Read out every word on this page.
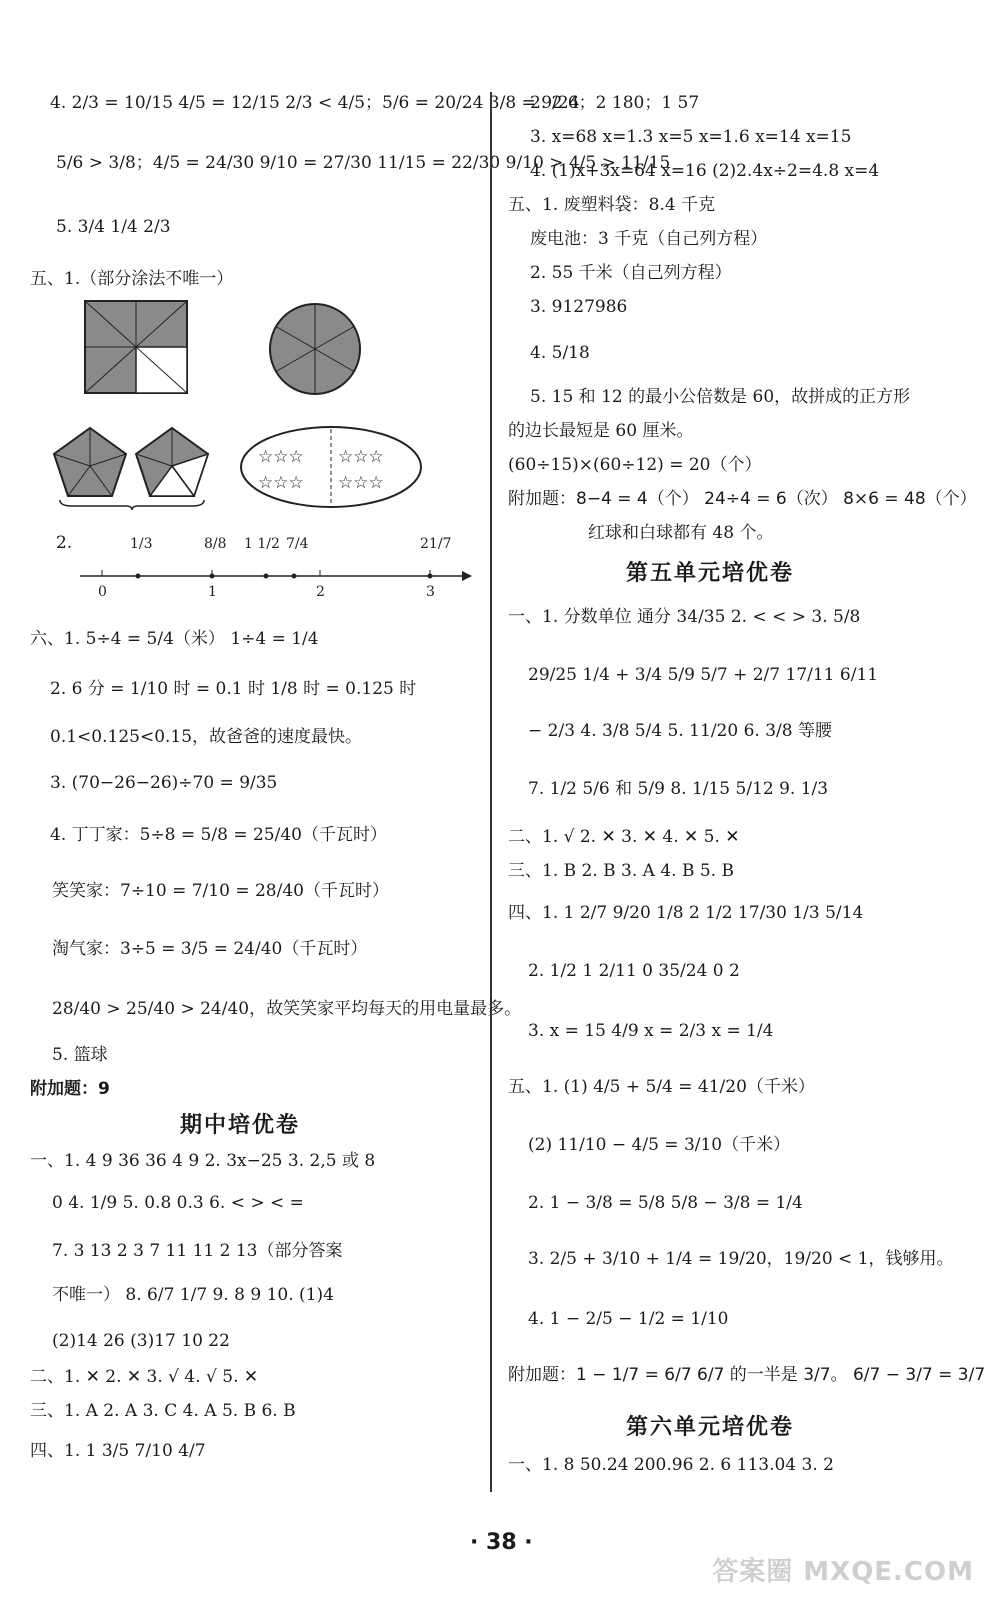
4. 2/3 = 10/15 4/5 = 12/15 2/3 < 4/5；5/6 = 20/24 3/8 = 9/24
5/6 > 3/8；4/5 = 24/30 9/10 = 27/30 11/15 = 22/30 9/10 > 4/5 > 11/15
5. 3/4 1/4 2/3
五、1.（部分涂法不唯一）
☆☆☆ ☆☆☆
☆☆☆ ☆☆☆
2.
0	1	2	3
1/3	8/8 1 1/2 7/4	21/7
六、1. 5÷4 = 5/4（米） 1÷4 = 1/4
2. 6 分 = 1/10 时 = 0.1 时 1/8 时 = 0.125 时
0.1<0.125<0.15，故爸爸的速度最快。
3. (70−26−26)÷70 = 9/35
4. 丁丁家：5÷8 = 5/8 = 25/40（千瓦时）
笑笑家：7÷10 = 7/10 = 28/40（千瓦时）
淘气家：3÷5 = 3/5 = 24/40（千瓦时）
28/40 > 25/40 > 24/40，故笑笑家平均每天的用电量最多。
5. 篮球
附加题：9
期中培优卷
一、1. 4 9 36 36 4 9 2. 3x−25 3. 2,5 或 8
0 4. 1/9 5. 0.8 0.3 6. < > < =
7. 3 13 2 3 7 11 11 2 13（部分答案
不唯一） 8. 6/7 1/7 9. 8 9 10. (1)4
(2)14 26 (3)17 10 22
二、1. ✕ 2. ✕ 3. √ 4. √ 5. ✕
三、1. A 2. A 3. C 4. A 5. B 6. B
四、1. 1 3/5 7/10 4/7
2. 2 6；2 180；1 57
3. x=68 x=1.3 x=5 x=1.6 x=14 x=15
4. (1)x+3x=64 x=16 (2)2.4x÷2=4.8 x=4
五、1. 废塑料袋：8.4 千克
废电池：3 千克（自己列方程）
2. 55 千米（自己列方程）
3. 9127986
4. 5/18
5. 15 和 12 的最小公倍数是 60，故拼成的正方形
的边长最短是 60 厘米。
(60÷15)×(60÷12) = 20（个）
附加题：8−4 = 4（个） 24÷4 = 6（次） 8×6 = 48（个）
红球和白球都有 48 个。
第五单元培优卷
一、1. 分数单位 通分 34/35 2. < < > 3. 5/8
29/25 1/4 + 3/4 5/9 5/7 + 2/7 17/11 6/11
− 2/3 4. 3/8 5/4 5. 11/20 6. 3/8 等腰
7. 1/2 5/6 和 5/9 8. 1/15 5/12 9. 1/3
二、1. √ 2. ✕ 3. ✕ 4. ✕ 5. ✕
三、1. B 2. B 3. A 4. B 5. B
四、1. 1 2/7 9/20 1/8 2 1/2 17/30 1/3 5/14
2. 1/2 1 2/11 0 35/24 0 2
3. x = 15 4/9 x = 2/3 x = 1/4
五、1. (1) 4/5 + 5/4 = 41/20（千米）
(2) 11/10 − 4/5 = 3/10（千米）
2. 1 − 3/8 = 5/8 5/8 − 3/8 = 1/4
3. 2/5 + 3/10 + 1/4 = 19/20，19/20 < 1，钱够用。
4. 1 − 2/5 − 1/2 = 1/10
附加题：1 − 1/7 = 6/7 6/7 的一半是 3/7。 6/7 − 3/7 = 3/7
第六单元培优卷
一、1. 8 50.24 200.96 2. 6 113.04 3. 2
· 38 ·
答案圈 MXQE.COM
